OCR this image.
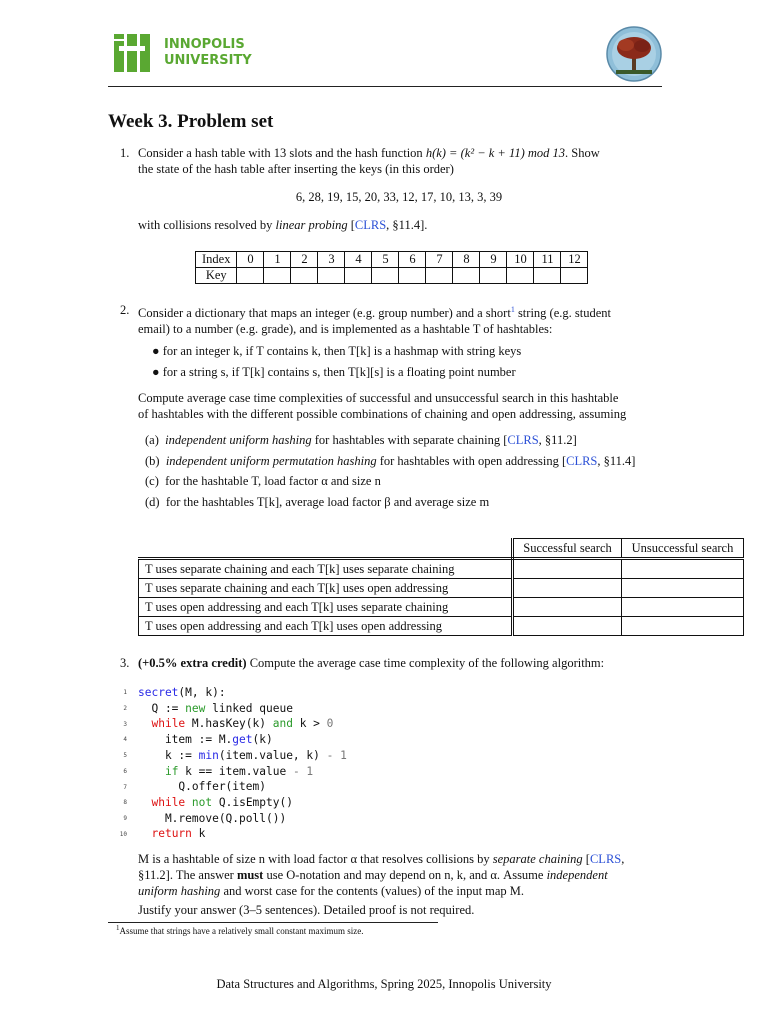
INNOPOLIS
UNIVERSITY
Week 3. Problem set
1. Consider a hash table with 13 slots and the hash function h(k) = (k² − k + 11) mod 13. Show
the state of the hash table after inserting the keys (in this order)
6, 28, 19, 15, 20, 33, 12, 17, 10, 13, 3, 39
with collisions resolved by linear probing [CLRS, §11.4].
Index	0	1	2	3	4	5	6	7	8	9	10	11	12
Key													
2. Consider a dictionary that maps an integer (e.g. group number) and a short$^1$ string (e.g. student
email) to a number (e.g. grade), and is implemented as a hashtable T of hashtables:
● for an integer k, if T contains k, then T[k] is a hashmap with string keys
● for a string s, if T[k] contains s, then T[k][s] is a floating point number
Compute average case time complexities of successful and unsuccessful search in this hashtable
of hashtables with the different possible combinations of chaining and open addressing, assuming
(a) independent uniform hashing for hashtables with separate chaining [CLRS, §11.2]
(b) independent uniform permutation hashing for hashtables with open addressing [CLRS, §11.4]
(c) for the hashtable T, load factor α and size n
(d) for the hashtables T[k], average load factor β and average size m
	Successful search	Unsuccessful search
T uses separate chaining and each T[k] uses separate chaining		
T uses separate chaining and each T[k] uses open addressing		
T uses open addressing and each T[k] uses separate chaining		
T uses open addressing and each T[k] uses open addressing		
3. (+0.5% extra credit) Compute the average case time complexity of the following algorithm:
1 secret(M, k):
2  Q := new linked queue
3 while M.hasKey(k) and k > 0
4    item := M.get(k)
5    k := min(item.value, k) - 1
6	if k == item.value - 1
7      Q.offer(item)
8 while not Q.isEmpty()
9    M.remove(Q.poll())
10 return k
M is a hashtable of size n with load factor α that resolves collisions by separate chaining [CLRS,
§11.2]. The answer must use O-notation and may depend on n, k, and α. Assume independent
uniform hashing and worst case for the contents (values) of the input map M.
Justify your answer (3–5 sentences). Detailed proof is not required.
$^1$Assume that strings have a relatively small constant maximum size.
Data Structures and Algorithms, Spring 2025, Innopolis University
